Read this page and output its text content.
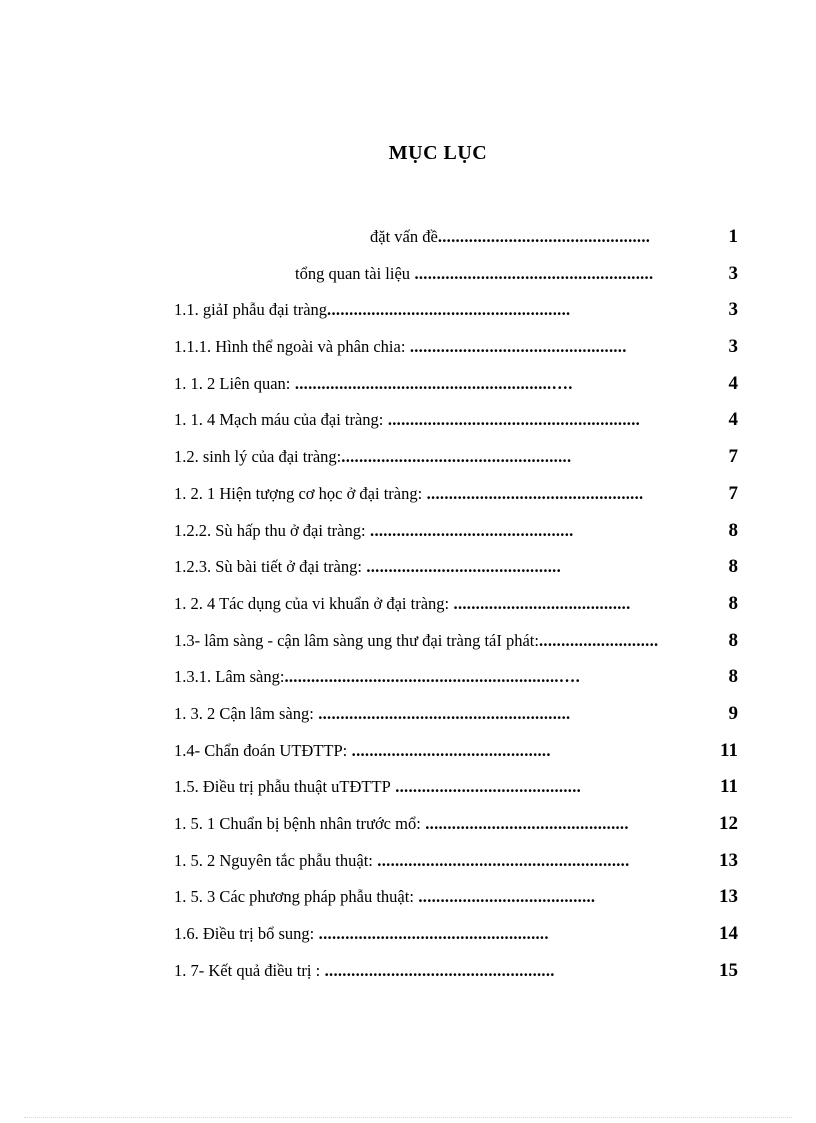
MỤC LỤC
đặt vấn đề................................................	1
tổng quan tài liệu ......................................................	3
1.1. giảI phẫu đại tràng.......................................................	3
1.1.1. Hình thể ngoài và phân chia: .................................................	3
1. 1. 2 Liên quan: ..........................................................….	4
1. 1. 4 Mạch máu của đại tràng: .........................................................	4
1.2. sinh lý của đại tràng:....................................................	7
1. 2. 1 Hiện tượng cơ học ở đại tràng: .................................................	7
1.2.2. Sù hấp thu ở đại tràng: ..............................................	8
1.2.3. Sù bài tiết ở đại tràng: ............................................	8
1. 2. 4 Tác dụng của vi khuẩn ở đại tràng: ........................................	8
1.3- lâm sàng - cận lâm sàng ung thư đại tràng táI phát:...........................	8
1.3.1. Lâm sàng:..............................................................….	8
1. 3. 2 Cận lâm sàng: .........................................................	9
1.4- Chẩn đoán UTĐTTP: .............................................	11
1.5. Điều trị phẫu thuật uTĐTTP ..........................................	11
1. 5. 1 Chuẩn bị bệnh nhân trước mổ: ..............................................	12
1. 5. 2 Nguyên tắc phẫu thuật: .........................................................	13
1. 5. 3 Các phương pháp phẫu thuật: ........................................	13
1.6. Điều trị bổ sung: ....................................................	14
1. 7- Kết quả điều trị : ....................................................	15
